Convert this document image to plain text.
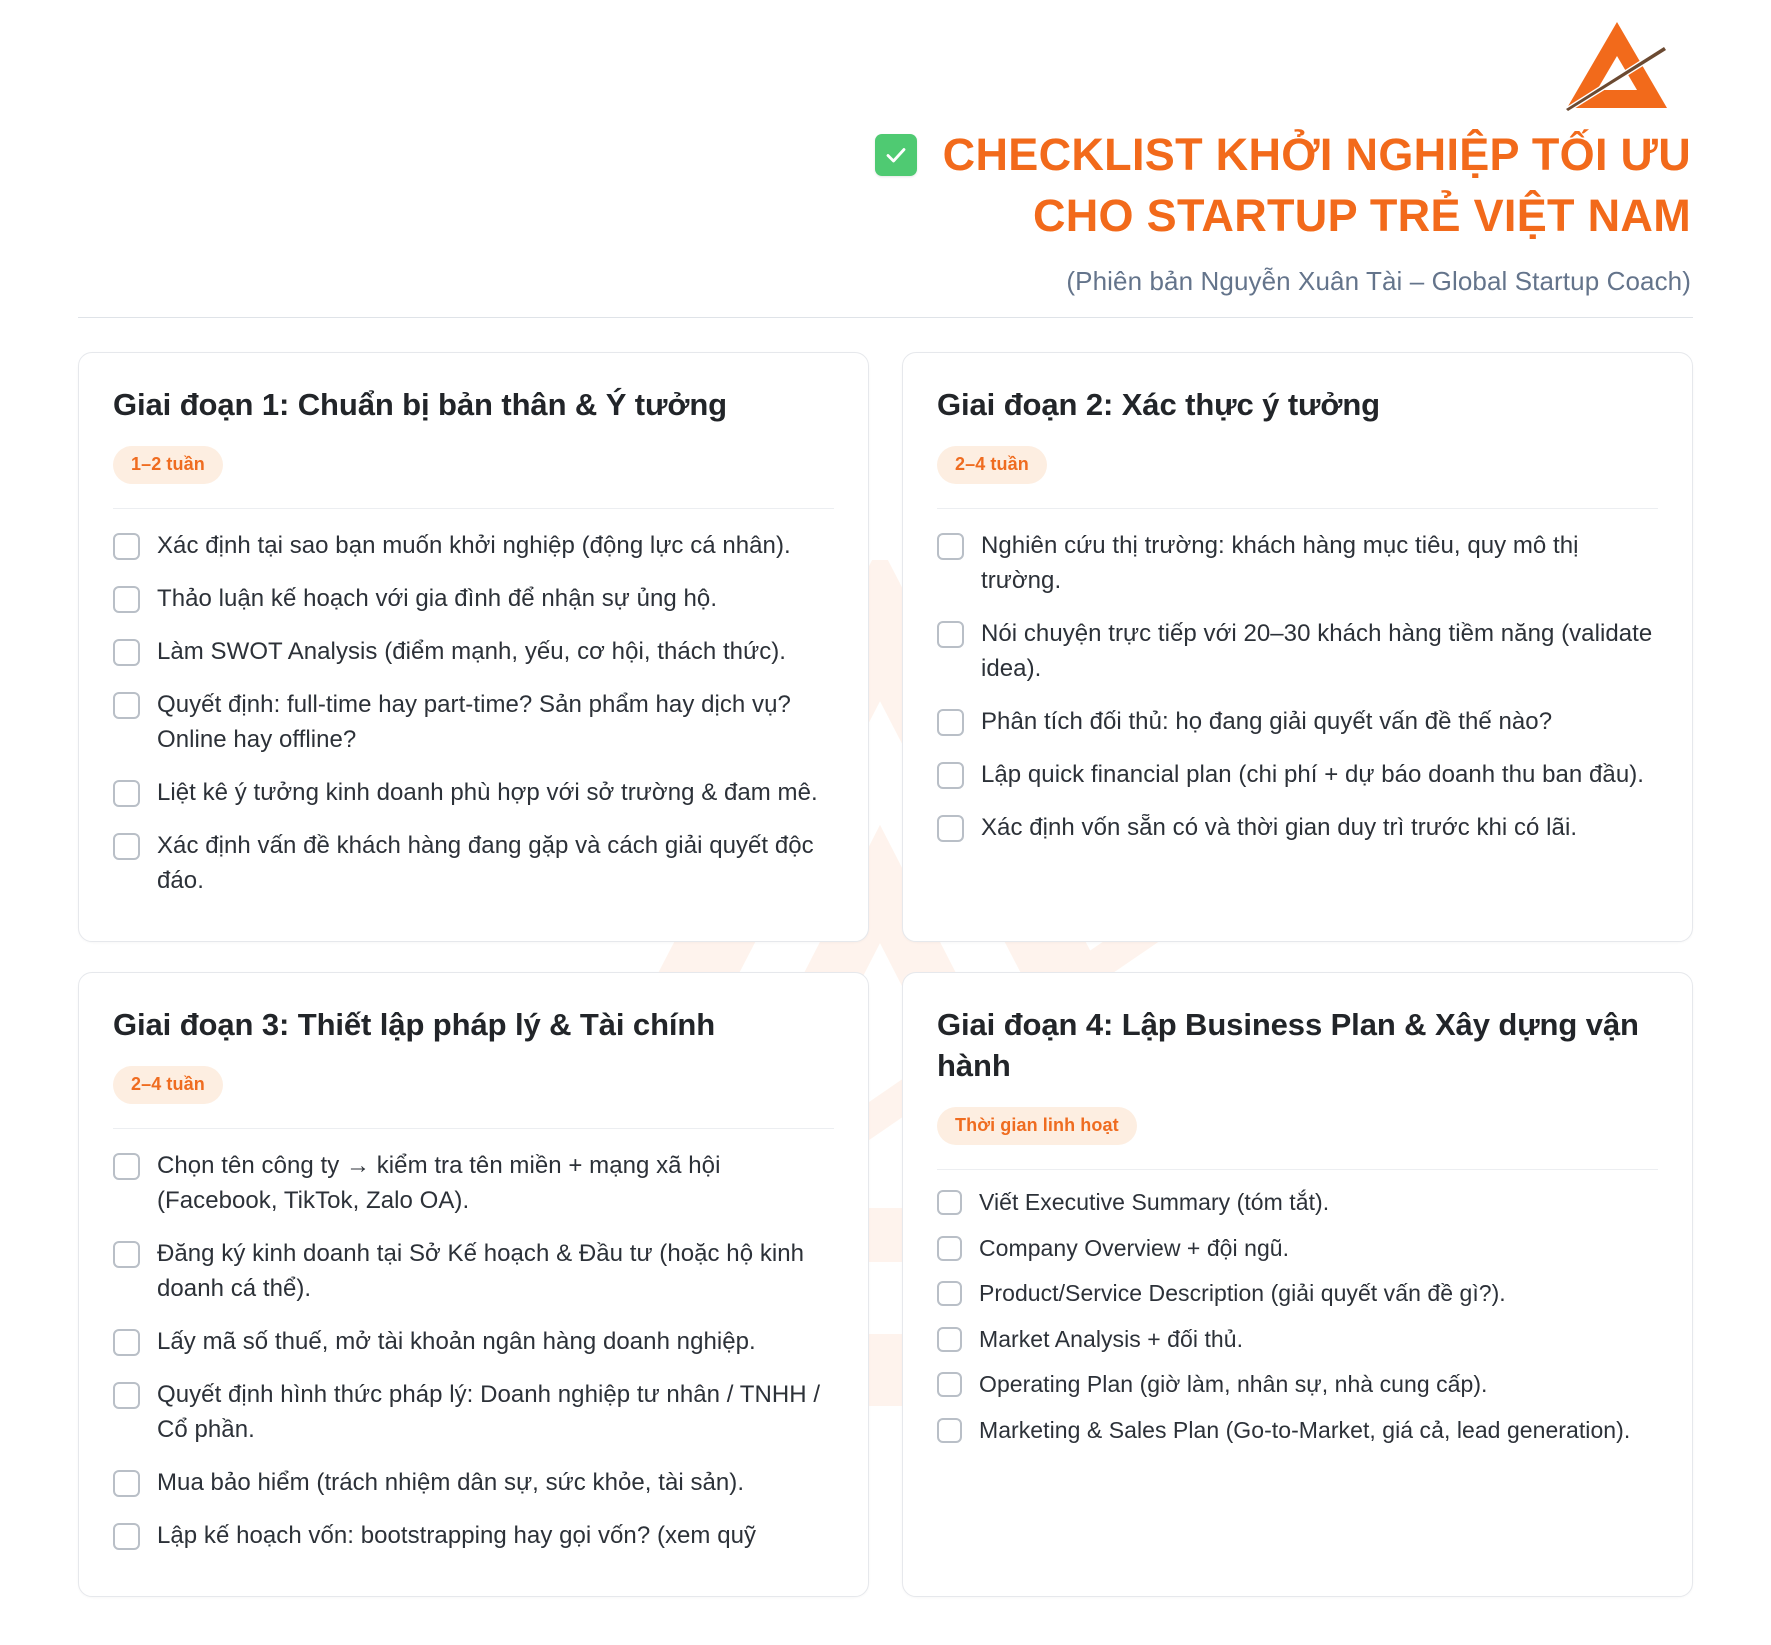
CHECKLIST KHỞI NGHIỆP TỐI ƯU
CHO STARTUP TRẺ VIỆT NAM
(Phiên bản Nguyễn Xuân Tài – Global Startup Coach)
Giai đoạn 1: Chuẩn bị bản thân & Ý tưởng
1–2 tuần
Xác định tại sao bạn muốn khởi nghiệp (động lực cá nhân).
Thảo luận kế hoạch với gia đình để nhận sự ủng hộ.
Làm SWOT Analysis (điểm mạnh, yếu, cơ hội, thách thức).
Quyết định: full-time hay part-time? Sản phẩm hay dịch vụ? Online hay offline?
Liệt kê ý tưởng kinh doanh phù hợp với sở trường & đam mê.
Xác định vấn đề khách hàng đang gặp và cách giải quyết độc đáo.
Giai đoạn 2: Xác thực ý tưởng
2–4 tuần
Nghiên cứu thị trường: khách hàng mục tiêu, quy mô thị trường.
Nói chuyện trực tiếp với 20–30 khách hàng tiềm năng (validate idea).
Phân tích đối thủ: họ đang giải quyết vấn đề thế nào?
Lập quick financial plan (chi phí + dự báo doanh thu ban đầu).
Xác định vốn sẵn có và thời gian duy trì trước khi có lãi.
Giai đoạn 3: Thiết lập pháp lý & Tài chính
2–4 tuần
Chọn tên công ty → kiểm tra tên miền + mạng xã hội (Facebook, TikTok, Zalo OA).
Đăng ký kinh doanh tại Sở Kế hoạch & Đầu tư (hoặc hộ kinh doanh cá thể).
Lấy mã số thuế, mở tài khoản ngân hàng doanh nghiệp.
Quyết định hình thức pháp lý: Doanh nghiệp tư nhân / TNHH / Cổ phần.
Mua bảo hiểm (trách nhiệm dân sự, sức khỏe, tài sản).
Lập kế hoạch vốn: bootstrapping hay gọi vốn? (xem quỹ
Giai đoạn 4: Lập Business Plan & Xây dựng vận hành
Thời gian linh hoạt
Viết Executive Summary (tóm tắt).
Company Overview + đội ngũ.
Product/Service Description (giải quyết vấn đề gì?).
Market Analysis + đối thủ.
Operating Plan (giờ làm, nhân sự, nhà cung cấp).
Marketing & Sales Plan (Go-to-Market, giá cả, lead generation).
